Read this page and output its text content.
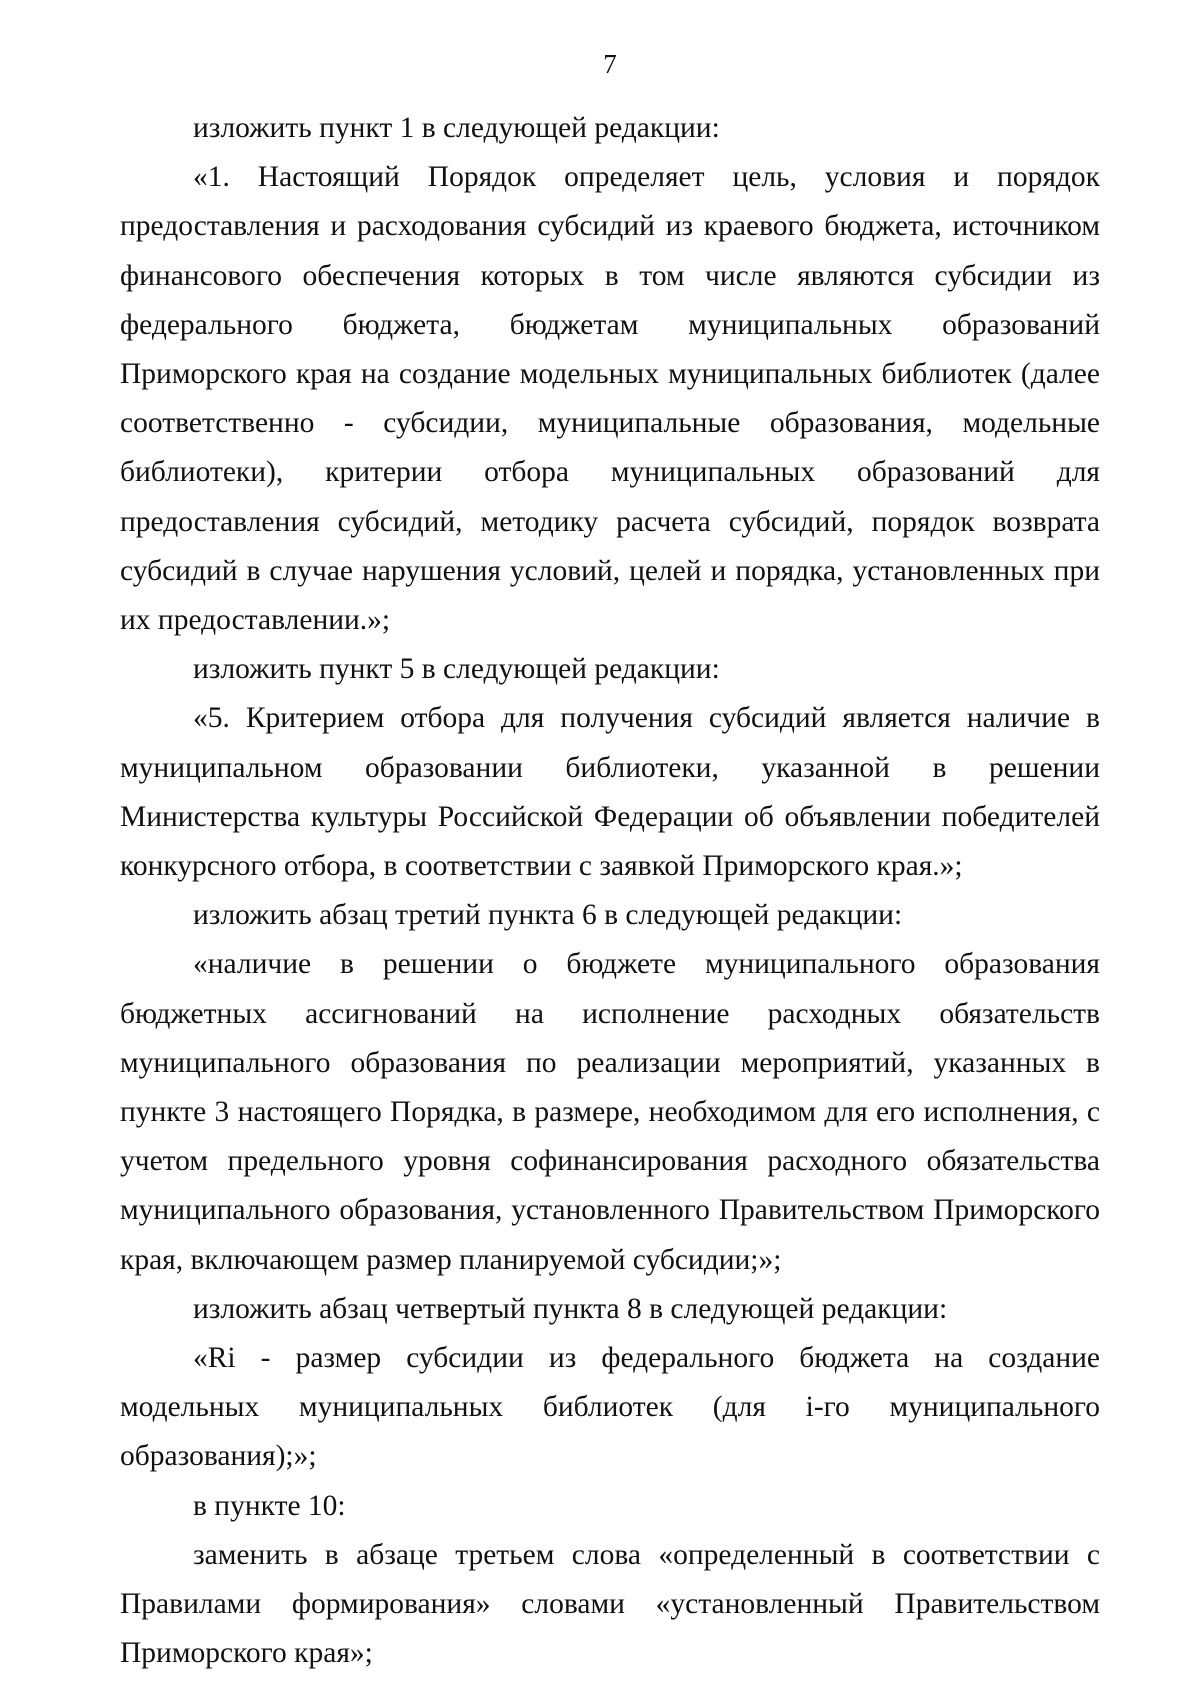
7

изложить пункт 1 в следующей редакции:

«1. Настоящий Порядок определяет цель, условия и порядок предоставления и расходования субсидий из краевого бюджета, источником финансового обеспечения которых в том числе являются субсидии из федерального бюджета, бюджетам муниципальных образований Приморского края на создание модельных муниципальных библиотек (далее соответственно - субсидии, муниципальные образования, модельные библиотеки), критерии отбора муниципальных образований для предоставления субсидий, методику расчета субсидий, порядок возврата субсидий в случае нарушения условий, целей и порядка, установленных при их предоставлении.»;

изложить пункт 5 в следующей редакции:

«5. Критерием отбора для получения субсидий является наличие в муниципальном образовании библиотеки, указанной в решении Министерства культуры Российской Федерации об объявлении победителей конкурсного отбора, в соответствии с заявкой Приморского края.»;

изложить абзац третий пункта 6 в следующей редакции:

«наличие в решении о бюджете муниципального образования бюджетных ассигнований на исполнение расходных обязательств муниципального образования по реализации мероприятий, указанных в пункте 3 настоящего Порядка, в размере, необходимом для его исполнения, с учетом предельного уровня софинансирования расходного обязательства муниципального образования, установленного Правительством Приморского края, включающем размер планируемой субсидии;»;

изложить абзац четвертый пункта 8 в следующей редакции:

«Ri - размер субсидии из федерального бюджета на создание модельных муниципальных библиотек (для i-го муниципального образования);»;

в пункте 10:

заменить в абзаце третьем слова «определенный в соответствии с Правилами формирования» словами «установленный Правительством Приморского края»;
